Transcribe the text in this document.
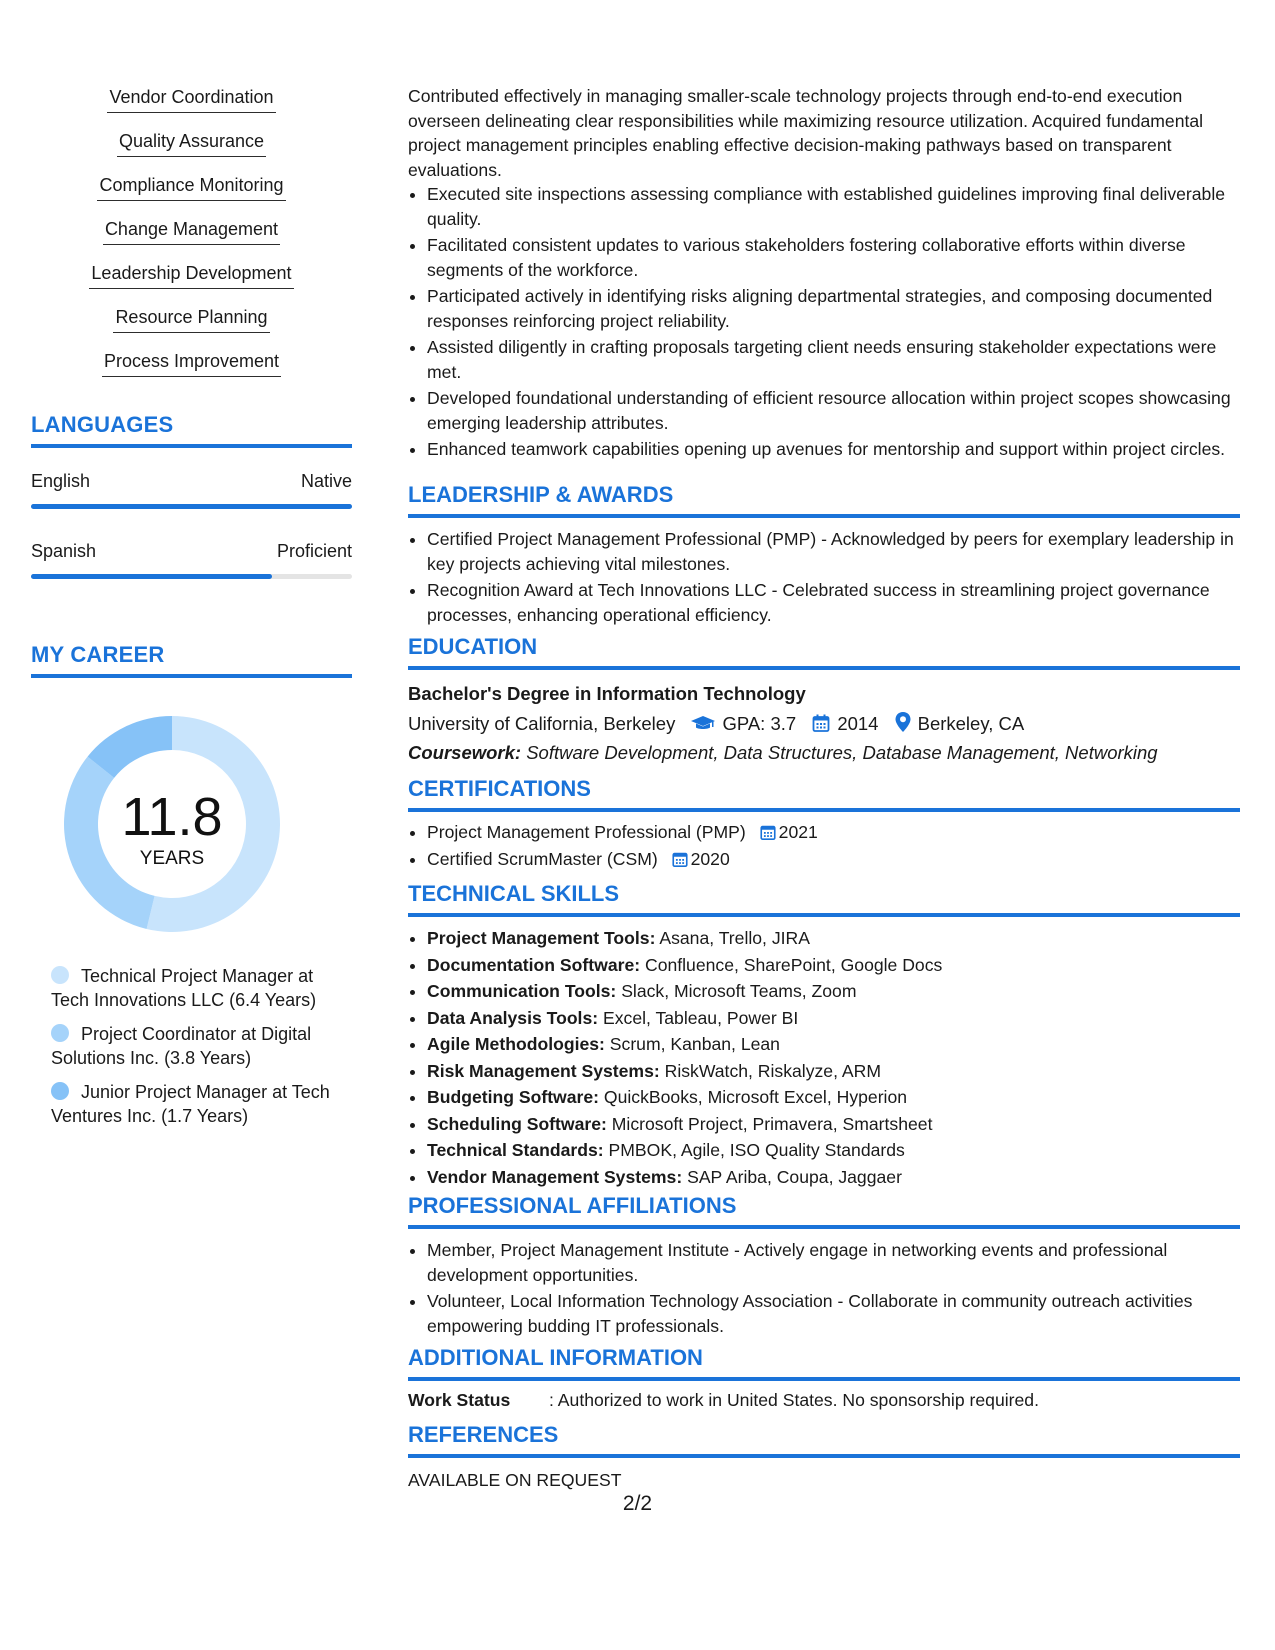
Vendor Coordination
Quality Assurance
Compliance Monitoring
Change Management
Leadership Development
Resource Planning
Process Improvement
LANGUAGES
English	Native
Spanish	Proficient
MY CAREER
11.8
YEARS
Technical Project Manager at Tech Innovations LLC (6.4 Years)
Project Coordinator at Digital Solutions Inc. (3.8 Years)
Junior Project Manager at Tech Ventures Inc. (1.7 Years)

Contributed effectively in managing smaller-scale technology projects through end-to-end execution overseen delineating clear responsibilities while maximizing resource utilization. Acquired fundamental project management principles enabling effective decision-making pathways based on transparent evaluations.

• Executed site inspections assessing compliance with established guidelines improving final deliverable quality.
• Facilitated consistent updates to various stakeholders fostering collaborative efforts within diverse segments of the workforce.
• Participated actively in identifying risks aligning departmental strategies, and composing documented responses reinforcing project reliability.
• Assisted diligently in crafting proposals targeting client needs ensuring stakeholder expectations were met.
• Developed foundational understanding of efficient resource allocation within project scopes showcasing emerging leadership attributes.
• Enhanced teamwork capabilities opening up avenues for mentorship and support within project circles.
LEADERSHIP & AWARDS
• Certified Project Management Professional (PMP) - Acknowledged by peers for exemplary leadership in key projects achieving vital milestones.
• Recognition Award at Tech Innovations LLC - Celebrated success in streamlining project governance processes, enhancing operational efficiency.
EDUCATION
Bachelor's Degree in Information Technology
University of California, Berkeley	GPA: 3.7 2014 Berkeley, CA
Coursework: Software Development, Data Structures, Database Management, Networking
CERTIFICATIONS
• Project Management Professional (PMP) 2021
• Certified ScrumMaster (CSM) 2020
TECHNICAL SKILLS
• Project Management Tools: Asana, Trello, JIRA
• Documentation Software: Confluence, SharePoint, Google Docs
• Communication Tools: Slack, Microsoft Teams, Zoom
• Data Analysis Tools: Excel, Tableau, Power BI
• Agile Methodologies: Scrum, Kanban, Lean
• Risk Management Systems: RiskWatch, Riskalyze, ARM
• Budgeting Software: QuickBooks, Microsoft Excel, Hyperion
• Scheduling Software: Microsoft Project, Primavera, Smartsheet
• Technical Standards: PMBOK, Agile, ISO Quality Standards
• Vendor Management Systems: SAP Ariba, Coupa, Jaggaer
PROFESSIONAL AFFILIATIONS
• Member, Project Management Institute - Actively engage in networking events and professional development opportunities.
• Volunteer, Local Information Technology Association - Collaborate in community outreach activities empowering budding IT professionals.
ADDITIONAL INFORMATION
Work Status : Authorized to work in United States. No sponsorship required.
REFERENCES
AVAILABLE ON REQUEST
2/2
